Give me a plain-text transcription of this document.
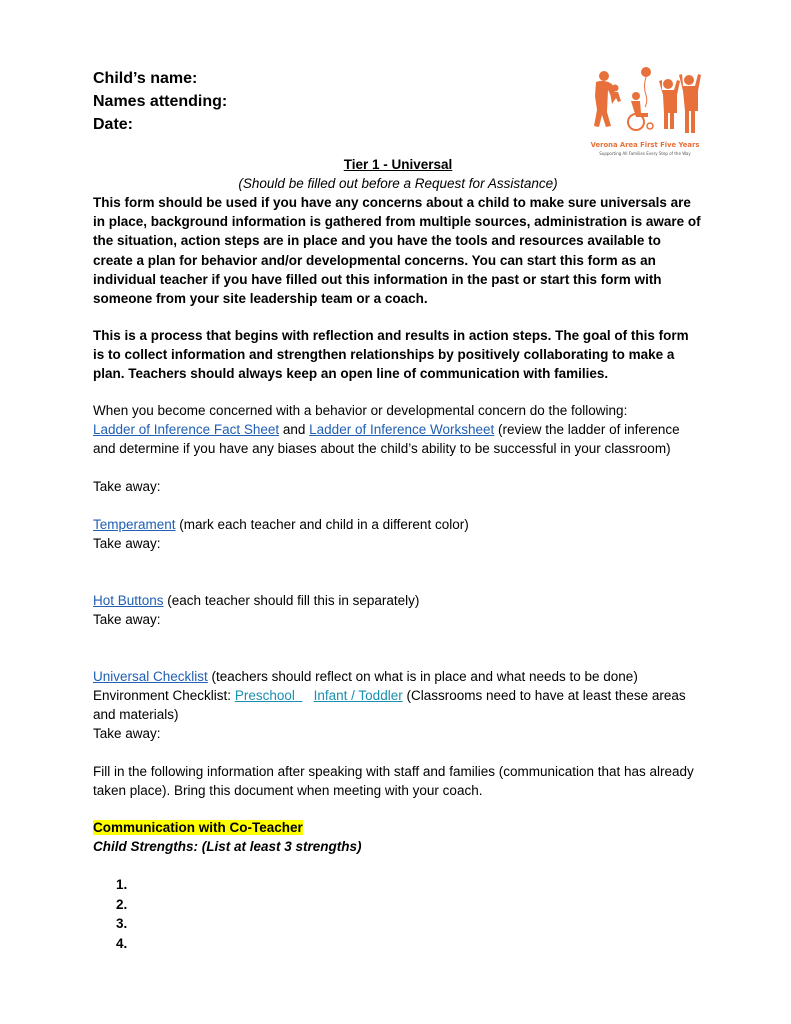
Child’s name:
Names attending:
Date:
Verona Area First Five Years
Supporting All Families Every Step of the Way
Tier 1 - Universal
(Should be filled out before a Request for Assistance)
This form should be used if you have any concerns about a child to make sure universals are in place, background information is gathered from multiple sources, administration is aware of the situation, action steps are in place and you have the tools and resources available to create a plan for behavior and/or developmental concerns. You can start this form as an individual teacher if you have filled out this information in the past or start this form with someone from your site leadership team or a coach.
This is a process that begins with reflection and results in action steps. The goal of this form is to collect information and strengthen relationships by positively collaborating to make a plan. Teachers should always keep an open line of communication with families.
When you become concerned with a behavior or developmental concern do the following:
Ladder of Inference Fact Sheet and Ladder of Inference Worksheet (review the ladder of inference and determine if you have any biases about the child’s ability to be successful in your classroom)
Take away:
Temperament (mark each teacher and child in a different color)
Take away:
Hot Buttons (each teacher should fill this in separately)
Take away:
Universal Checklist (teachers should reflect on what is in place and what needs to be done)
Environment Checklist: Preschool Infant / Toddler (Classrooms need to have at least these areas and materials)
Take away:
Fill in the following information after speaking with staff and families (communication that has already taken place). Bring this document when meeting with your coach.
Communication with Co-Teacher
Child Strengths: (List at least 3 strengths)
1.
2.
3.
4.
